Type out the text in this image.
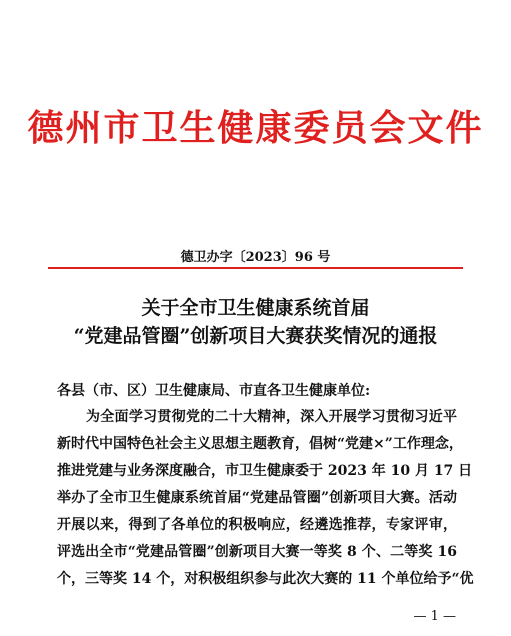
德州市卫生健康委员会文件
德卫办字〔2023〕96 号
关于全市卫生健康系统首届
“党建品管圈”创新项目大赛获奖情况的通报
各县（市、区）卫生健康局、市直各卫生健康单位:
为全面学习贯彻党的二十大精神，深入开展学习贯彻习近平
新时代中国特色社会主义思想主题教育，倡树“党建×”工作理念，
推进党建与业务深度融合，市卫生健康委于 2023 年 10 月 17 日
举办了全市卫生健康系统首届“党建品管圈”创新项目大赛。活动
开展以来，得到了各单位的积极响应，经遴选推荐，专家评审，
评选出全市“党建品管圈”创新项目大赛一等奖 8 个、二等奖 16
个，三等奖 14 个，对积极组织参与此次大赛的 11 个单位给予“优
— 1 —
